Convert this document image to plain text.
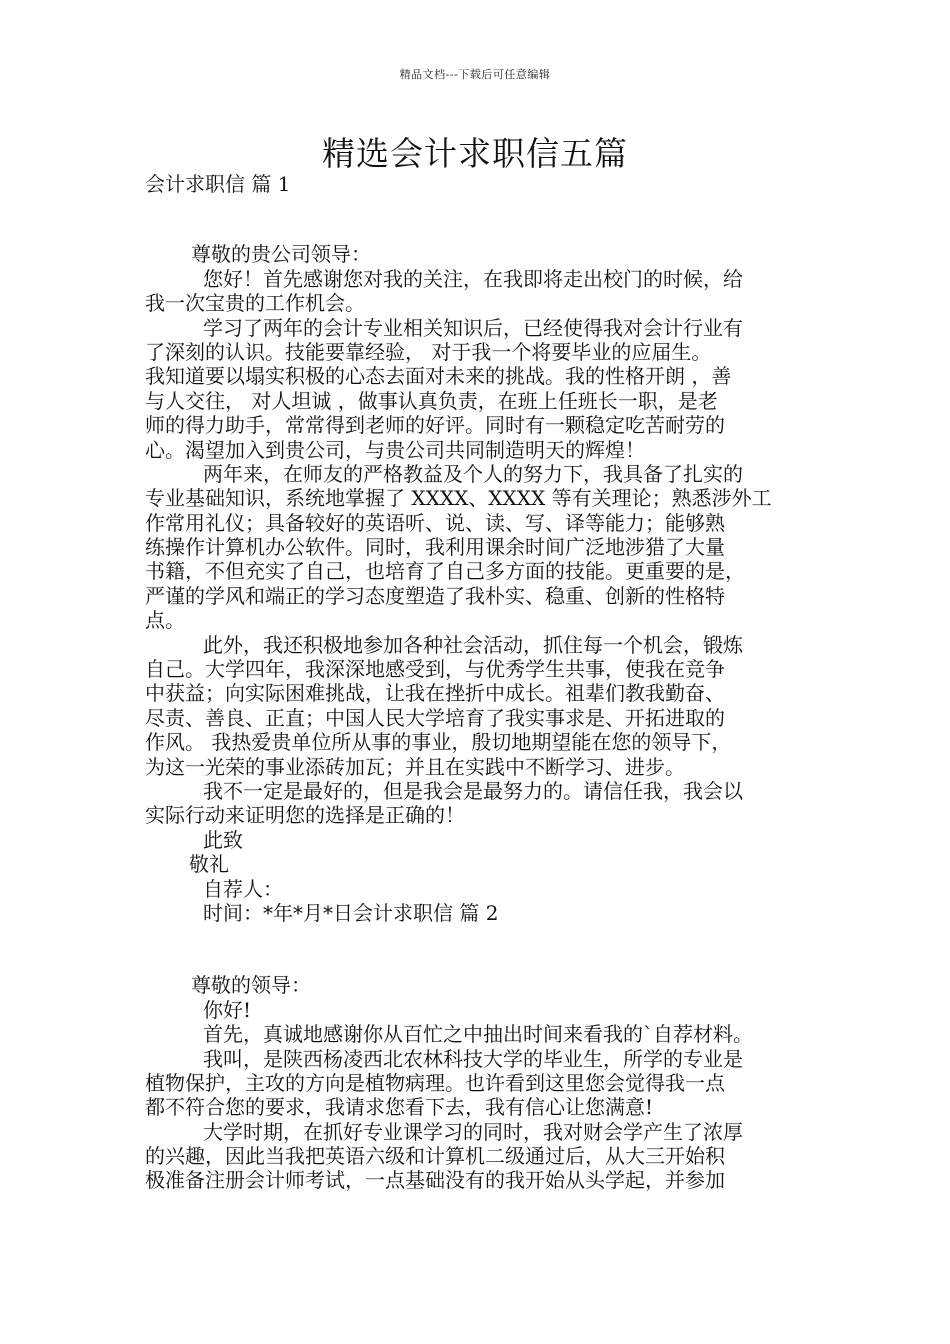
精品文档---下载后可任意编辑
精选会计求职信五篇
会计求职信 篇 1
尊敬的贵公司领导：
您好！首先感谢您对我的关注，在我即将走出校门的时候，给
我一次宝贵的工作机会。
学习了两年的会计专业相关知识后，已经使得我对会计行业有
了深刻的认识。技能要靠经验， 对于我一个将要毕业的应届生。
我知道要以塌实积极的心态去面对未来的挑战。我的性格开朗 ，善
与人交往， 对人坦诚 ，做事认真负责，在班上任班长一职，是老
师的得力助手，常常得到老师的好评。同时有一颗稳定吃苦耐劳的
心。渴望加入到贵公司，与贵公司共同制造明天的辉煌！
两年来，在师友的严格教益及个人的努力下，我具备了扎实的
专业基础知识，系统地掌握了 XXXX、XXXX 等有关理论；熟悉涉外工
作常用礼仪；具备较好的英语听、说、读、写、译等能力；能够熟
练操作计算机办公软件。同时，我利用课余时间广泛地涉猎了大量
书籍，不但充实了自己，也培育了自己多方面的技能。更重要的是，
严谨的学风和端正的学习态度塑造了我朴实、稳重、创新的性格特
点。
此外，我还积极地参加各种社会活动，抓住每一个机会，锻炼
自己。大学四年，我深深地感受到，与优秀学生共事，使我在竞争
中获益；向实际困难挑战，让我在挫折中成长。祖辈们教我勤奋、
尽责、善良、正直；中国人民大学培育了我实事求是、开拓进取的
作风。 我热爱贵单位所从事的事业，殷切地期望能在您的领导下，
为这一光荣的事业添砖加瓦；并且在实践中不断学习、进步。
我不一定是最好的，但是我会是最努力的。请信任我，我会以
实际行动来证明您的选择是正确的！
此致
敬礼
自荐人：
时间：*年*月*日会计求职信 篇 2
尊敬的领导：
你好!
首先，真诚地感谢你从百忙之中抽出时间来看我的`自荐材料。
我叫，是陕西杨凌西北农林科技大学的毕业生，所学的专业是
植物保护，主攻的方向是植物病理。也许看到这里您会觉得我一点
都不符合您的要求，我请求您看下去，我有信心让您满意!
大学时期，在抓好专业课学习的同时，我对财会学产生了浓厚
的兴趣，因此当我把英语六级和计算机二级通过后，从大三开始积
极准备注册会计师考试，一点基础没有的我开始从头学起，并参加
